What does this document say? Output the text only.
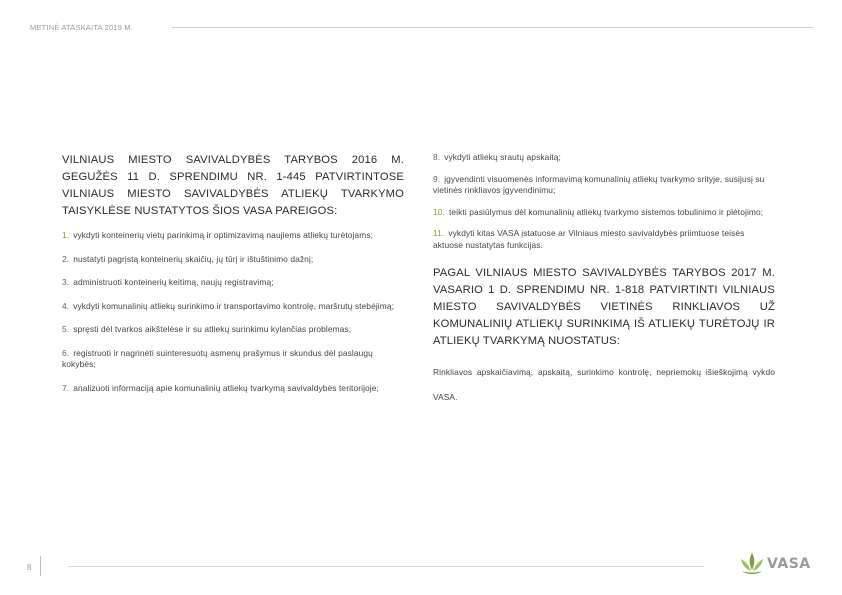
METINĖ ATASKAITA 2019 M.

VILNIAUS MIESTO SAVIVALDYBĖS TARYBOS 2016 M. GEGUŽĖS 11 D. SPRENDIMU NR. 1-445 PATVIRTINTOSE VILNIAUS MIESTO SAVIVALDYBĖS ATLIEKŲ TVARKYMO TAISYKLĖSE NUSTATYTOS ŠIOS VASA PAREIGOS:

1. vykdyti konteinerių vietų parinkimą ir optimizavimą naujiems atliekų turėtojams;

2. nustatyti pagrįstą konteinerių skaičių, jų tūrį ir ištuštinimo dažnį;

3. administruoti konteinerių keitimą, naujų registravimą;

4. vykdyti komunalinių atliekų surinkimo ir transportavimo kontrolę, maršrutų stebėjimą;

5. spręsti dėl tvarkos aikštelėse ir su atliekų surinkimu kylančias problemas;

6. registruoti ir nagrinėti suinteresuotų asmenų prašymus ir skundus dėl paslaugų kokybės;

7. analizuoti informaciją apie komunalinių atliekų tvarkymą savivaldybės teritorijoje;

8. vykdyti atliekų srautų apskaitą;

9. įgyvendinti visuomenės informavimą komunalinių atliekų tvarkymo srityje, susijusį su vietinės rinkliavos įgyvendinimu;

10. teikti pasiūlymus dėl komunalinių atliekų tvarkymo sistemos tobulinimo ir plėtojimo;

11. vykdyti kitas VASA įstatuose ar Vilniaus miesto savivaldybės priimtuose teisės aktuose nustatytas funkcijas.

PAGAL VILNIAUS MIESTO SAVIVALDYBĖS TARYBOS 2017 M. VASARIO 1 D. SPRENDIMU NR. 1-818 PATVIRTINTI VILNIAUS MIESTO SAVIVALDYBĖS VIETINĖS RINKLIAVOS UŽ KOMUNALINIŲ ATLIEKŲ SURINKIMĄ IŠ ATLIEKŲ TURĖTOJŲ IR ATLIEKŲ TVARKYMĄ NUOSTATUS:

Rinkliavos apskaičiavimą, apskaitą, surinkimo kontrolę, nepriemokų išieškojimą vykdo VASA.

8	VASA
